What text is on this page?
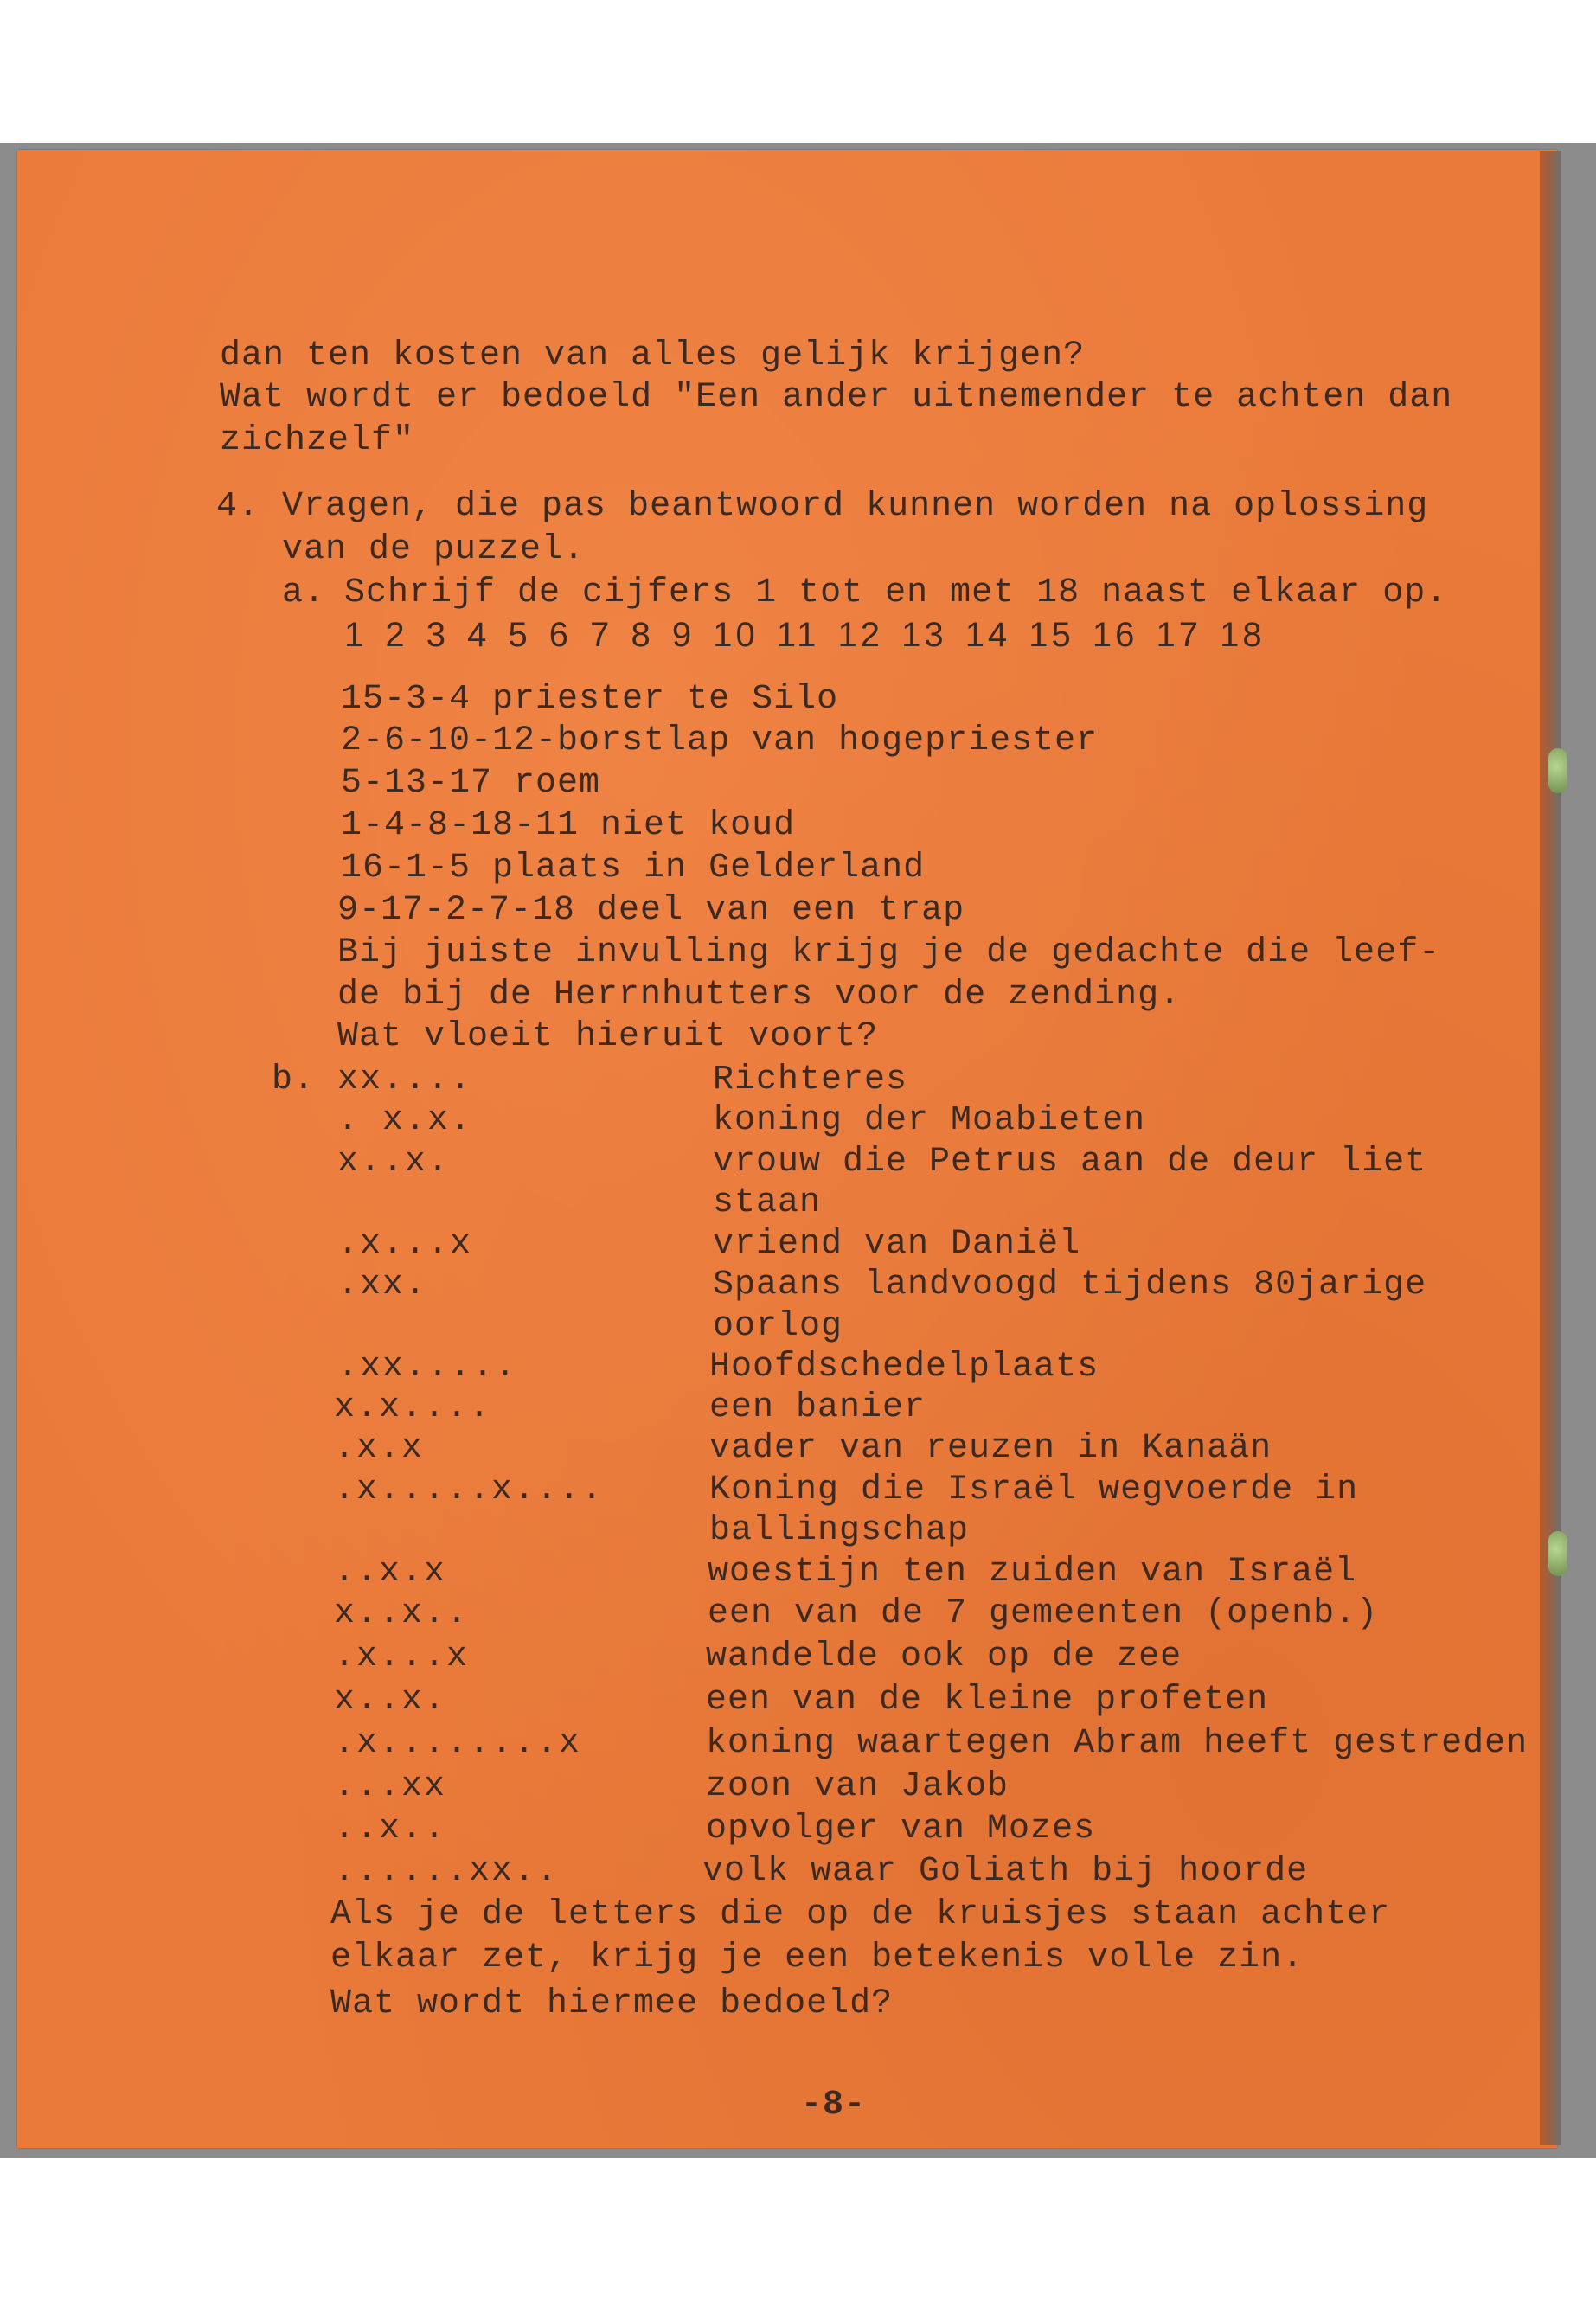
dan ten kosten van alles gelijk krijgen?
Wat wordt er bedoeld "Een ander uitnemender te achten dan
zichzelf"
4. Vragen, die pas beantwoord kunnen worden na oplossing
van de puzzel.
a. Schrijf de cijfers 1 tot en met 18 naast elkaar op.
1 2 3 4 5 6 7 8 9 10 11 12 13 14 15 16 17 18
15-3-4 priester te Silo
2-6-10-12-borstlap van hogepriester
5-13-17 roem
1-4-8-18-11 niet koud
16-1-5 plaats in Gelderland
9-17-2-7-18 deel van een trap
Bij juiste invulling krijg je de gedachte die leef-
de bij de Herrnhutters voor de zending.
Wat vloeit hieruit voort?
b. xx....	Richteres
. x.x.	koning der Moabieten
x..x.	vrouw die Petrus aan de deur liet
staan
.x...x	vriend van Daniël
.xx.	Spaans landvoogd tijdens 80jarige
oorlog
.xx.....	Hoofdschedelplaats
x.x....	een banier
.x.x	vader van reuzen in Kanaän
.x.....x....	Koning die Israël wegvoerde in
ballingschap
..x.x	woestijn ten zuiden van Israël
x..x..	een van de 7 gemeenten (openb.)
.x...x	wandelde ook op de zee
x..x.	een van de kleine profeten
.x........x	koning waartegen Abram heeft gestreden
...xx	zoon van Jakob
..x..	opvolger van Mozes
......xx..	volk waar Goliath bij hoorde
Als je de letters die op de kruisjes staan achter
elkaar zet, krijg je een betekenis volle zin.
Wat wordt hiermee bedoeld?
-8-
